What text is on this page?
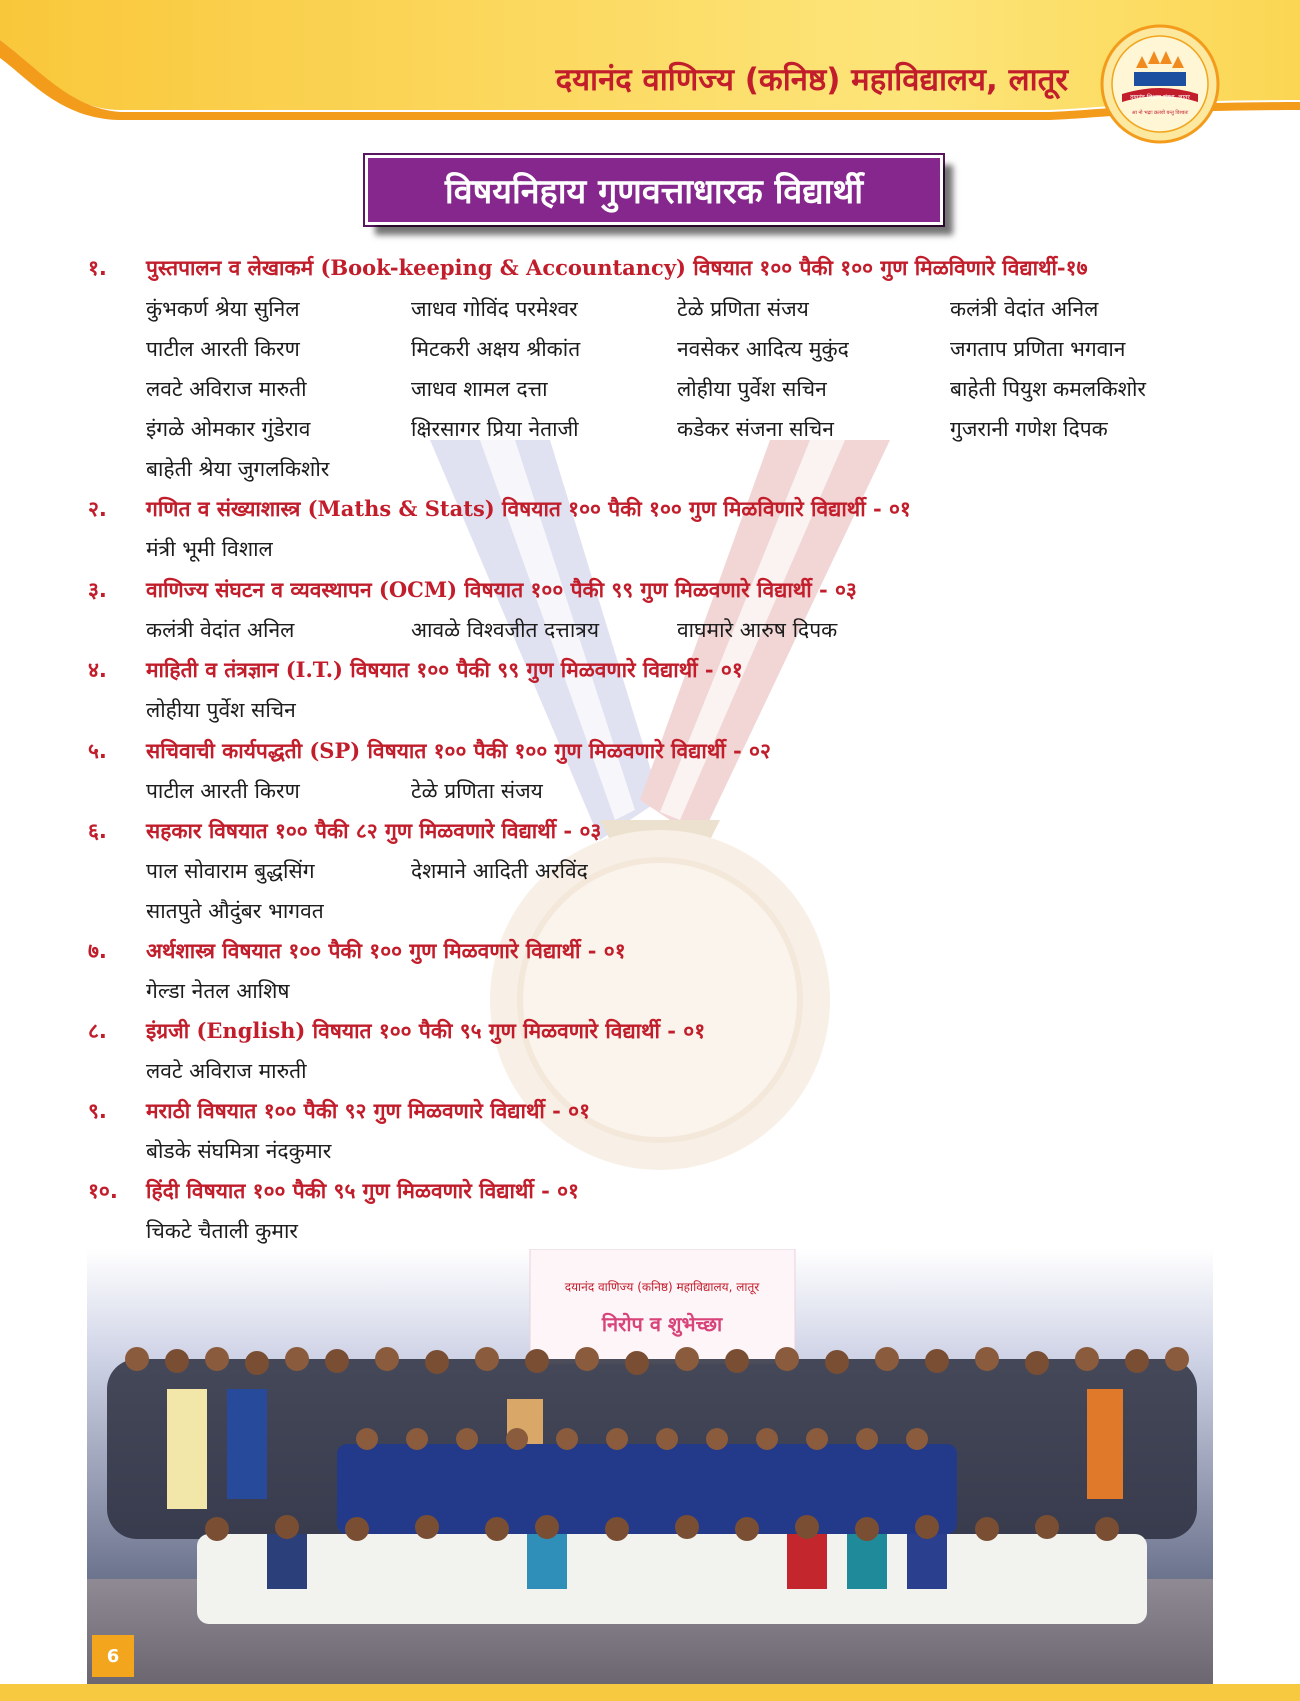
दयानंद वाणिज्य (कनिष्ठ) महाविद्यालय, लातूर	दयानंद शिक्षण संस्था, लातूर
आ नो भद्राः क्रतवो यन्तु विश्वतः
विषयनिहाय गुणवत्ताधारक विद्यार्थी
१. पुस्तपालन व लेखाकर्म (Book-keeping & Accountancy) विषयात १०० पैकी १०० गुण मिळविणारे विद्यार्थी-१७
कुंभकर्ण श्रेया सुनिल	जाधव गोविंद परमेश्वर	टेळे प्रणिता संजय	कलंत्री वेदांत अनिल
पाटील आरती किरण	मिटकरी अक्षय श्रीकांत	नवसेकर आदित्य मुकुंद	जगताप प्रणिता भगवान
लवटे अविराज मारुती	जाधव शामल दत्ता	लोहीया पुर्वेश सचिन	बाहेती पियुश कमलकिशोर
इंगळे ओमकार गुंडेराव	क्षिरसागर प्रिया नेताजी	कडेकर संजना सचिन	गुजरानी गणेश दिपक
बाहेती श्रेया जुगलकिशोर
२. गणित व संख्याशास्त्र (Maths & Stats) विषयात १०० पैकी १०० गुण मिळविणारे विद्यार्थी - ०१
मंत्री भूमी विशाल
३. वाणिज्य संघटन व व्यवस्थापन (OCM) विषयात १०० पैकी ९९ गुण मिळवणारे विद्यार्थी - ०३
कलंत्री वेदांत अनिल	आवळे विश्वजीत दत्तात्रय	वाघमारे आरुष दिपक
४. माहिती व तंत्रज्ञान (I.T.) विषयात १०० पैकी ९९ गुण मिळवणारे विद्यार्थी - ०१
लोहीया पुर्वेश सचिन
५. सचिवाची कार्यपद्धती (SP) विषयात १०० पैकी १०० गुण मिळवणारे विद्यार्थी - ०२
पाटील आरती किरण	टेळे प्रणिता संजय
६. सहकार विषयात १०० पैकी ८२ गुण मिळवणारे विद्यार्थी - ०३
पाल सोवाराम बुद्धसिंग	देशमाने आदिती अरविंद
सातपुते औदुंबर भागवत
७. अर्थशास्त्र विषयात १०० पैकी १०० गुण मिळवणारे विद्यार्थी - ०१
गेल्डा नेतल आशिष
८. इंग्रजी (English) विषयात १०० पैकी ९५ गुण मिळवणारे विद्यार्थी - ०१
लवटे अविराज मारुती
९. मराठी विषयात १०० पैकी ९२ गुण मिळवणारे विद्यार्थी - ०१
बोडके संघमित्रा नंदकुमार
१०. हिंदी विषयात १०० पैकी ९५ गुण मिळवणारे विद्यार्थी - ०१
चिकटे चैताली कुमार
दयानंद वाणिज्य (कनिष्ठ) महाविद्यालय, लातूर
निरोप व शुभेच्छा
6
